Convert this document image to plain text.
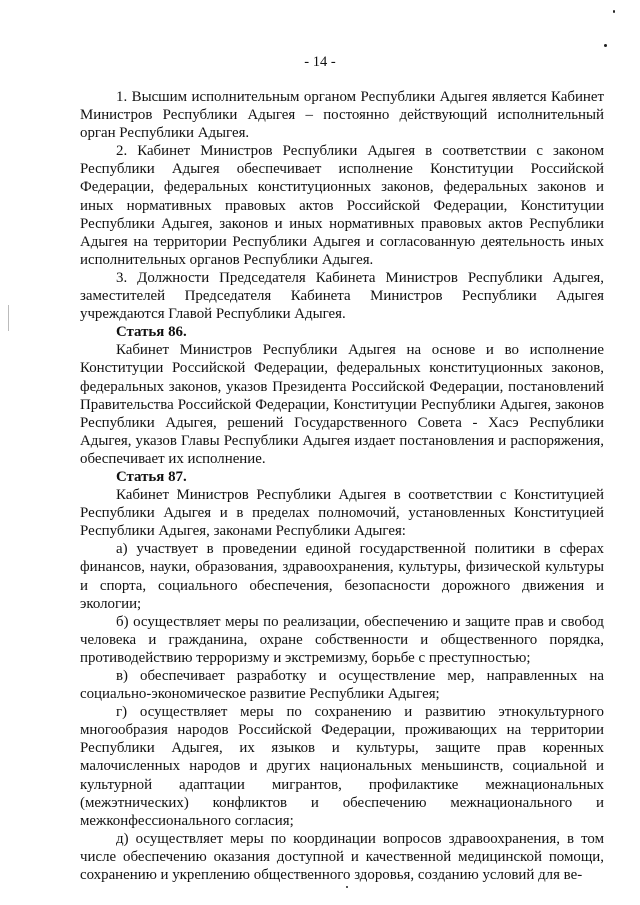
- 14 -

1. Высшим исполнительным органом Республики Адыгея является Кабинет Министров Республики Адыгея – постоянно действующий исполнительный орган Республики Адыгея.

2. Кабинет Министров Республики Адыгея в соответствии с законом Республики Адыгея обеспечивает исполнение Конституции Российской Федерации, федеральных конституционных законов, федеральных законов и иных нормативных правовых актов Российской Федерации, Конституции Республики Адыгея, законов и иных нормативных правовых актов Республики Адыгея на территории Республики Адыгея и согласованную деятельность иных исполнительных органов Республики Адыгея.

3. Должности Председателя Кабинета Министров Республики Адыгея, заместителей Председателя Кабинета Министров Республики Адыгея учреждаются Главой Республики Адыгея.

Статья 86.

Кабинет Министров Республики Адыгея на основе и во исполнение Конституции Российской Федерации, федеральных конституционных законов, федеральных законов, указов Президента Российской Федерации, постановлений Правительства Российской Федерации, Конституции Республики Адыгея, законов Республики Адыгея, решений Государственного Совета - Хасэ Республики Адыгея, указов Главы Республики Адыгея издает постановления и распоряжения, обеспечивает их исполнение.

Статья 87.

Кабинет Министров Республики Адыгея в соответствии с Конституцией Республики Адыгея и в пределах полномочий, установленных Конституцией Республики Адыгея, законами Республики Адыгея:

а) участвует в проведении единой государственной политики в сферах финансов, науки, образования, здравоохранения, культуры, физической культуры и спорта, социального обеспечения, безопасности дорожного движения и экологии;

б) осуществляет меры по реализации, обеспечению и защите прав и свобод человека и гражданина, охране собственности и общественного порядка, противодействию терроризму и экстремизму, борьбе с преступностью;

в) обеспечивает разработку и осуществление мер, направленных на социально-экономическое развитие Республики Адыгея;

г) осуществляет меры по сохранению и развитию этнокультурного многообразия народов Российской Федерации, проживающих на территории Республики Адыгея, их языков и культуры, защите прав коренных малочисленных народов и других национальных меньшинств, социальной и культурной адаптации мигрантов, профилактике межнациональных (межэтнических) конфликтов и обеспечению межнационального и межконфессионального согласия;

д) осуществляет меры по координации вопросов здравоохранения, в том числе обеспечению оказания доступной и качественной медицинской помощи, сохранению и укреплению общественного здоровья, созданию условий для ве-
